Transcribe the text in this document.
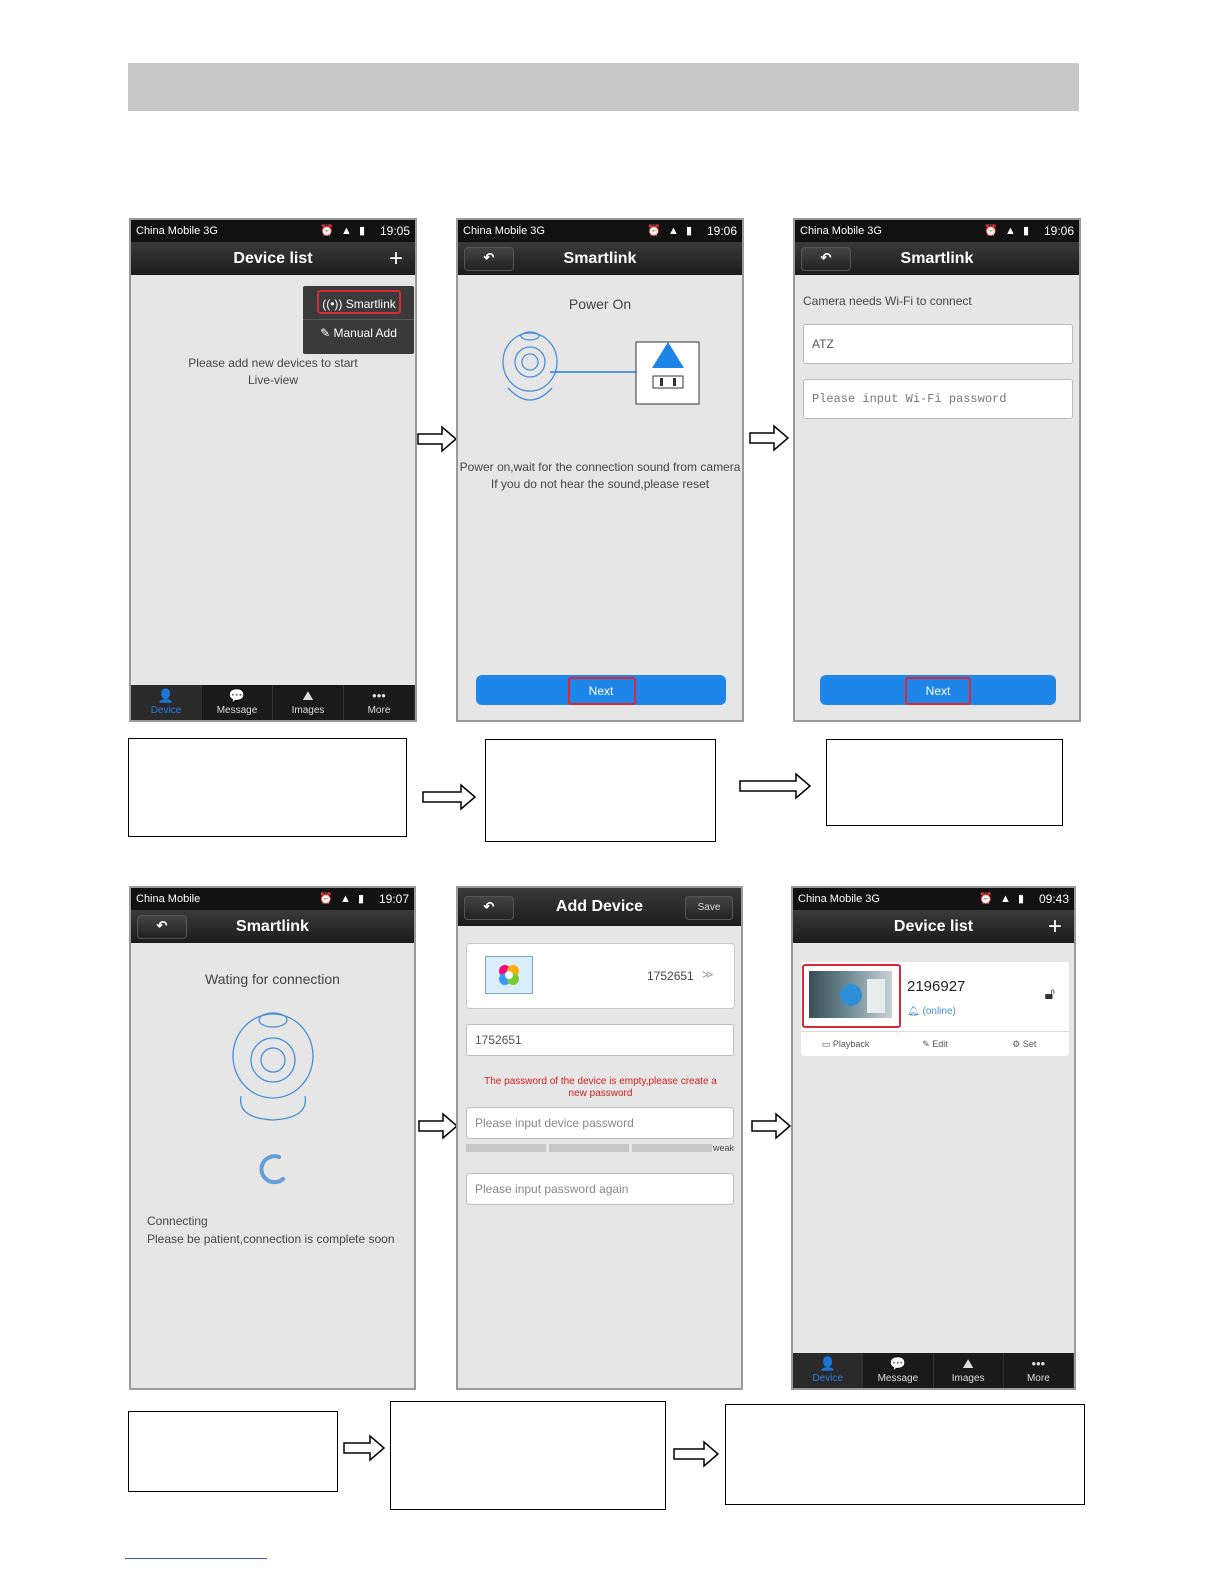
China Mobile 3G	⏰ ▲ ▮ 19:05
Device list	+
((•)) Smartlink
✎ Manual Add
Please add new devices to start
Live-view
👤
Device
💬
Message
⛰
Images
•••
More
China Mobile 3G	⏰ ▲ ▮ 19:06
↶	Smartlink
Power On
Power on,wait for the connection sound from camera
If you do not hear the sound,please reset
Next
China Mobile 3G	⏰ ▲ ▮ 19:06
↶	Smartlink
Camera needs Wi-Fi to connect
ATZ
Please input Wi-Fi password
Next
China Mobile	⏰ ▲ ▮ 19:07
↶	Smartlink
Wating for connection
Connecting
Please be patient,connection is complete soon
↶	Add Device	Save
1752651 ≫
1752651
The password of the device is empty,please create a new password
Please input device password
weak
Please input password again
China Mobile 3G	⏰ ▲ ▮ 09:43
Device list	+
2196927
🔔︎ (online)
🔓︎
▭ Playback	✎ Edit	⚙ Set
👤
Device
💬
Message
⛰
Images
•••
More
